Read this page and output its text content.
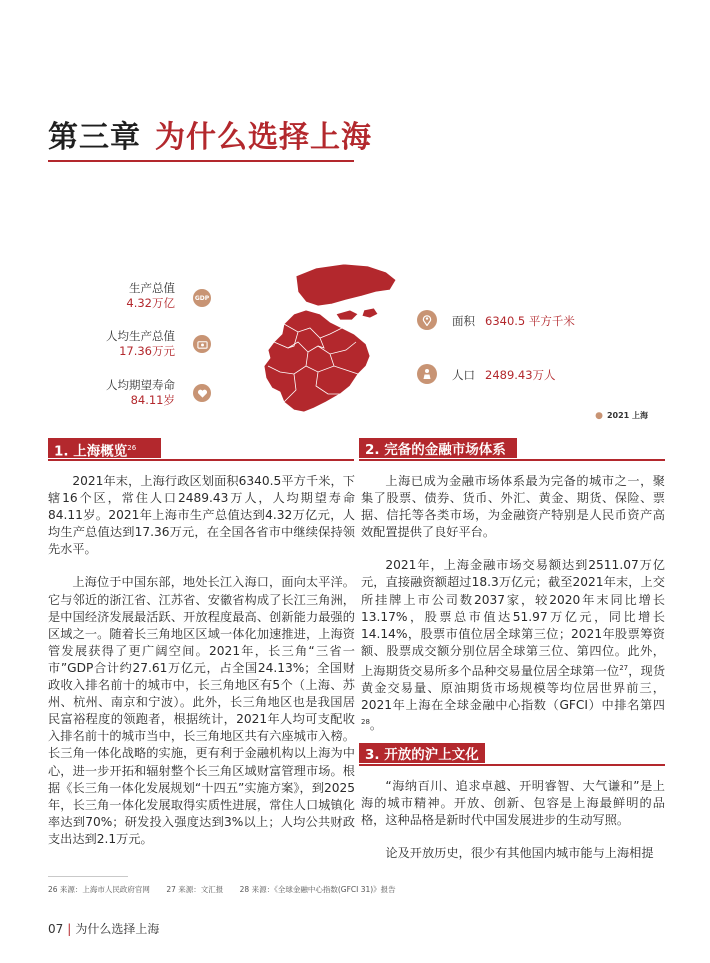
第三章 为什么选择上海
生产总值
4.32万亿	GDP
人均生产总值
17.36万元
人均期望寿命
84.11岁
面积 6340.5 平方千米
人口 2489.43万人
● 2021 上海
1. 上海概览$^{26}$	2. 完备的金融市场体系

2021年末，上海行政区划面积6340.5平方千米，下辖16个区，常住人口2489.43万人，人均期望寿命84.11岁。2021年上海市生产总值达到4.32万亿元，人均生产总值达到17.36万元，在全国各省市中继续保持领先水平。

上海位于中国东部，地处长江入海口，面向太平洋。它与邻近的浙江省、江苏省、安徽省构成了长江三角洲，是中国经济发展最活跃、开放程度最高、创新能力最强的区域之一。随着长三角地区区域一体化加速推进，上海资管发展获得了更广阔空间。2021年，长三角“三省一市”GDP合计约27.61万亿元，占全国24.13%；全国财政收入排名前十的城市中，长三角地区有5个（上海、苏州、杭州、南京和宁波）。此外，长三角地区也是我国居民富裕程度的领跑者，根据统计，2021年人均可支配收入排名前十的城市当中，长三角地区共有六座城市入榜。长三角一体化战略的实施，更有利于金融机构以上海为中心，进一步开拓和辐射整个长三角区域财富管理市场。根据《长三角一体化发展规划“十四五”实施方案》，到2025年，长三角一体化发展取得实质性进展，常住人口城镇化率达到70%；研发投入强度达到3%以上；人均公共财政支出达到2.1万元。

上海已成为金融市场体系最为完备的城市之一，聚集了股票、债券、货币、外汇、黄金、期货、保险、票据、信托等各类市场，为金融资产特别是人民币资产高效配置提供了良好平台。

2021年，上海金融市场交易额达到2511.07万亿元，直接融资额超过18.3万亿元；截至2021年末，上交所挂牌上市公司数2037家，较2020年末同比增长13.17%，股票总市值达51.97万亿元，同比增长14.14%，股票市值位居全球第三位；2021年股票筹资额、股票成交额分别位居全球第三位、第四位。此外，上海期货交易所多个品种交易量位居全球第一位$^{27}$，现货黄金交易量、原油期货市场规模等均位居世界前三，2021年上海在全球金融中心指数（GFCI）中排名第四$^{28}$。

3. 开放的沪上文化

“海纳百川、追求卓越、开明睿智、大气谦和”是上海的城市精神。开放、创新、包容是上海最鲜明的品格，这种品格是新时代中国发展进步的生动写照。

论及开放历史，很少有其他国内城市能与上海相提

26 来源：上海市人民政府官网 27 来源：文汇报 28 来源：《全球金融中心指数(GFCI 31)》报告
07 | 为什么选择上海
